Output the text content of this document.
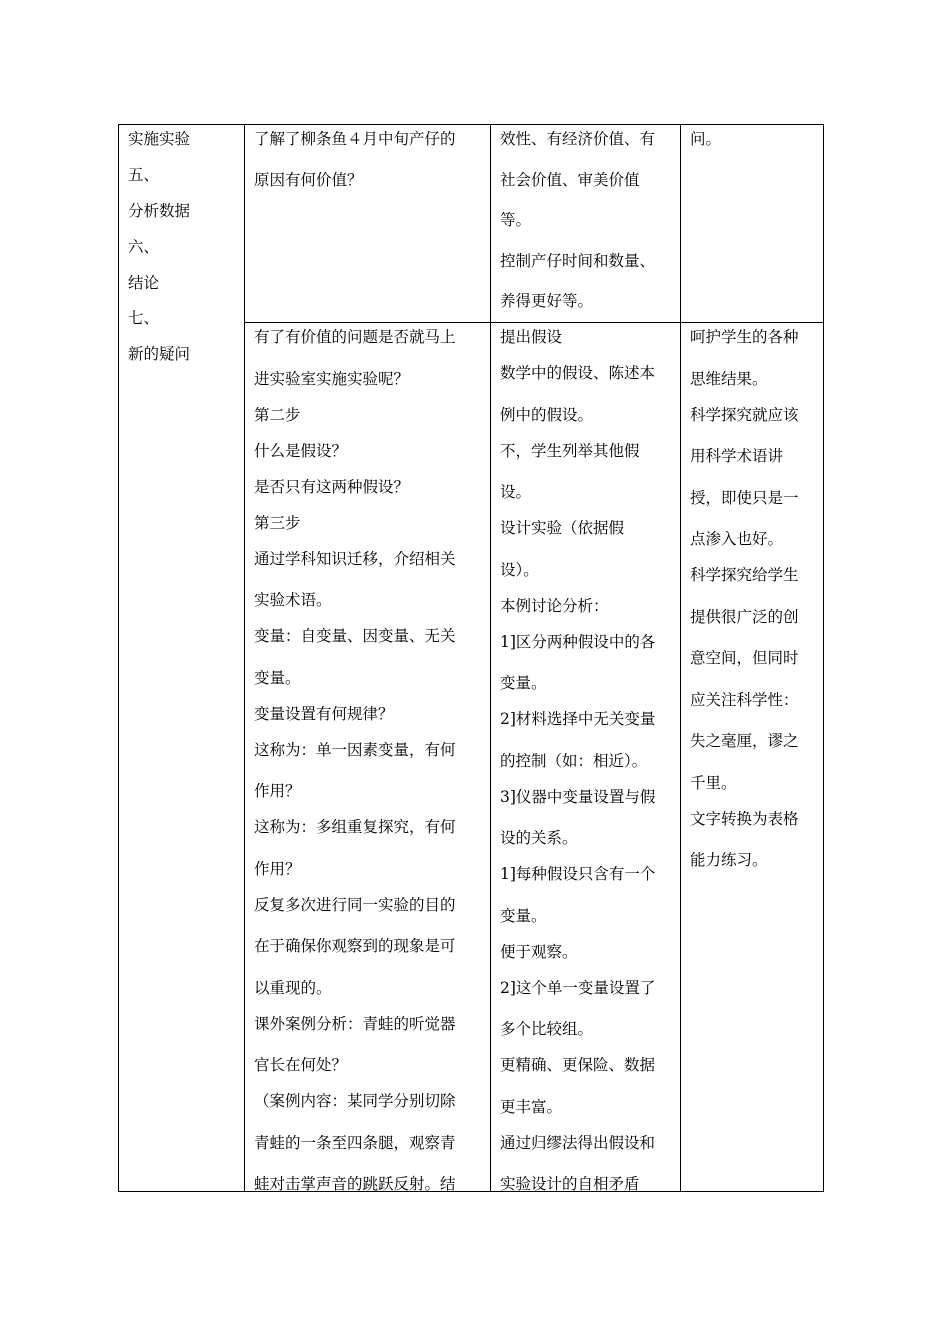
实施实验
五、
分析数据
六、
结论
七、
新的疑问
了解了柳条鱼４月中旬产仔的
原因有何价值？
效性、有经济价值、有
社会价值、审美价值
等。
控制产仔时间和数量、
养得更好等。
问。
有了有价值的问题是否就马上
进实验室实施实验呢？
第二步
什么是假设？
是否只有这两种假设？
第三步
通过学科知识迁移，介绍相关
实验术语。
变量：自变量、因变量、无关
变量。
变量设置有何规律？
这称为：单一因素变量，有何
作用？
这称为：多组重复探究，有何
作用？
反复多次进行同一实验的目的
在于确保你观察到的现象是可
以重现的。
课外案例分析：青蛙的听觉器
官长在何处？
（案例内容：某同学分别切除
青蛙的一条至四条腿，观察青
蛙对击掌声音的跳跃反射。结
提出假设
数学中的假设、陈述本
例中的假设。
不，学生列举其他假
设。
设计实验（依据假
设）。
本例讨论分析：
1]区分两种假设中的各
变量。
2]材料选择中无关变量
的控制（如：相近）。
3]仪器中变量设置与假
设的关系。
1]每种假设只含有一个
变量。
便于观察。
2]这个单一变量设置了
多个比较组。
更精确、更保险、数据
更丰富。
通过归缪法得出假设和
实验设计的自相矛盾
呵护学生的各种
思维结果。
科学探究就应该
用科学术语讲
授，即使只是一
点渗入也好。
科学探究给学生
提供很广泛的创
意空间，但同时
应关注科学性：
失之毫厘，谬之
千里。
文字转换为表格
能力练习。
